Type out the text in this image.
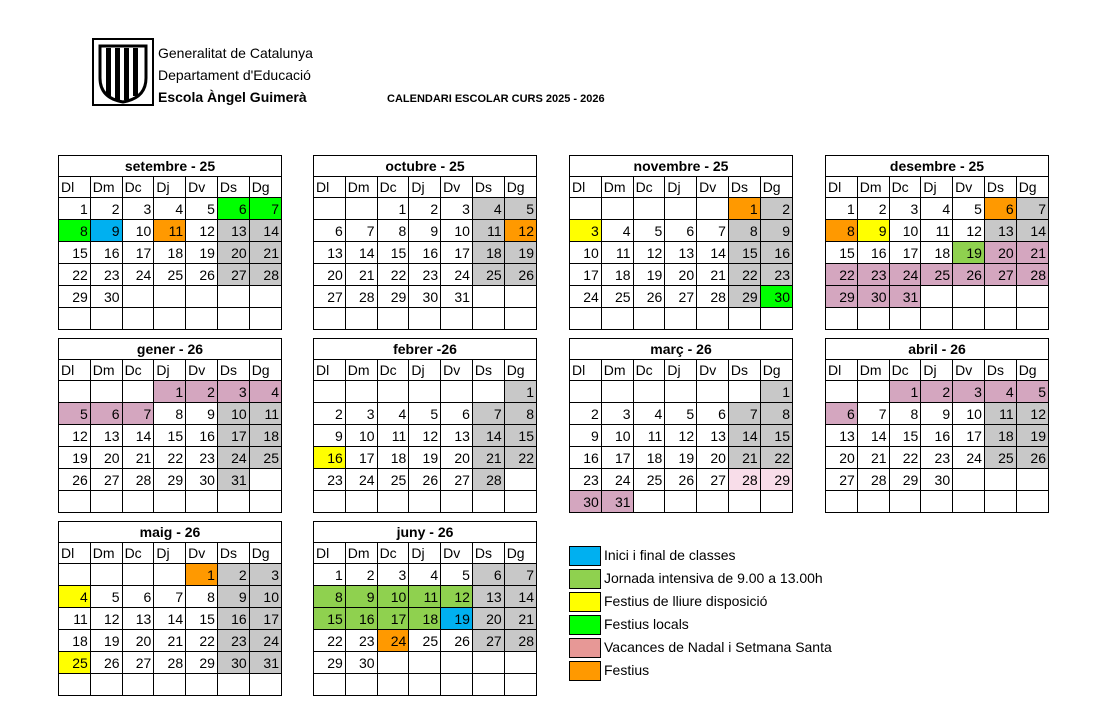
Generalitat de Catalunya
Departament d'Educació
Escola Àngel Guimerà	CALENDARI ESCOLAR CURS 2025 - 2026
setembre - 25						
Dl	Dm	Dc	Dj	Dv	Ds	Dg
1	2	3	4	5	6	7
8	9	10	11	12	13	14
15	16	17	18	19	20	21
22	23	24	25	26	27	28
29	30					

octubre - 25						
Dl	Dm	Dc	Dj	Dv	Ds	Dg
		1	2	3	4	5
6	7	8	9	10	11	12
13	14	15	16	17	18	19
20	21	22	23	24	25	26
27	28	29	30	31		

novembre - 25						
Dl	Dm	Dc	Dj	Dv	Ds	Dg
					1	2
3	4	5	6	7	8	9
10	11	12	13	14	15	16
17	18	19	20	21	22	23
24	25	26	27	28	29	30

desembre - 25						
Dl	Dm	Dc	Dj	Dv	Ds	Dg
1	2	3	4	5	6	7
8	9	10	11	12	13	14
15	16	17	18	19	20	21
22	23	24	25	26	27	28
29	30	31				

gener - 26						
Dl	Dm	Dc	Dj	Dv	Ds	Dg
			1	2	3	4
5	6	7	8	9	10	11
12	13	14	15	16	17	18
19	20	21	22	23	24	25
26	27	28	29	30	31	

febrer -26						
Dl	Dm	Dc	Dj	Dv	Ds	Dg
						1
2	3	4	5	6	7	8
9	10	11	12	13	14	15
16	17	18	19	20	21	22
23	24	25	26	27	28	

març - 26						
Dl	Dm	Dc	Dj	Dv	Ds	Dg
						1
2	3	4	5	6	7	8
9	10	11	12	13	14	15
16	17	18	19	20	21	22
23	24	25	26	27	28	29
30	31					

abril - 26						
Dl	Dm	Dc	Dj	Dv	Ds	Dg
		1	2	3	4	5
6	7	8	9	10	11	12
13	14	15	16	17	18	19
20	21	22	23	24	25	26
27	28	29	30			

maig - 26						
Dl	Dm	Dc	Dj	Dv	Ds	Dg
				1	2	3
4	5	6	7	8	9	10
11	12	13	14	15	16	17
18	19	20	21	22	23	24
25	26	27	28	29	30	31

juny - 26						
Dl	Dm	Dc	Dj	Dv	Ds	Dg
1	2	3	4	5	6	7
8	9	10	11	12	13	14
15	16	17	18	19	20	21
22	23	24	25	26	27	28
29	30					

Inici i final de classes
Jornada intensiva de 9.00 a 13.00h
Festius de lliure disposició
Festius locals
Vacances de Nadal i Setmana Santa
Festius
